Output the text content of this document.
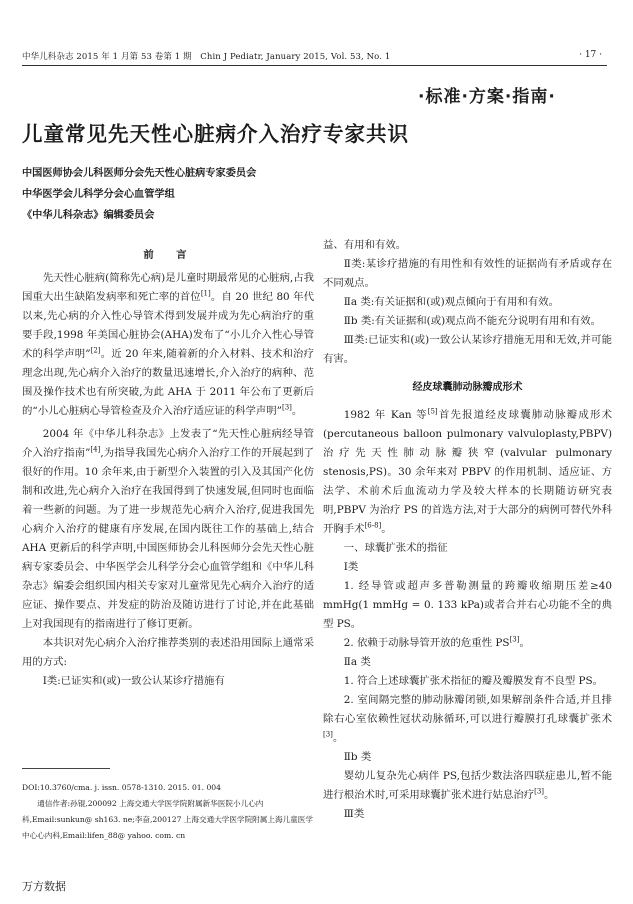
中华儿科杂志 2015 年 1 月第 53 卷第 1 期　Chin J Pediatr, January 2015, Vol. 53, No. 1	· 17 ·
·标准·方案·指南·
儿童常见先天性心脏病介入治疗专家共识
中国医师协会儿科医师分会先天性心脏病专家委员会
中华医学会儿科学分会心血管学组
《中华儿科杂志》编辑委员会

前　言

先天性心脏病(简称先心病)是儿童时期最常见的心脏病,占我国重大出生缺陷发病率和死亡率的首位[1]。自 20 世纪 80 年代以来,先心病的介入性心导管术得到发展并成为先心病治疗的重要手段,1998 年美国心脏协会(AHA)发布了“小儿介入性心导管术的科学声明”[2]。近 20 年来,随着新的介入材料、技术和治疗理念出现,先心病介入治疗的数量迅速增长,介入治疗的病种、范围及操作技术也有所突破,为此 AHA 于 2011 年公布了更新后的“小儿心脏病心导管检查及介入治疗适应证的科学声明”[3]。

2004 年《中华儿科杂志》上发表了“先天性心脏病经导管介入治疗指南”[4],为指导我国先心病介入治疗工作的开展起到了很好的作用。10 余年来,由于新型介入装置的引入及其国产化仿制和改进,先心病介入治疗在我国得到了快速发展,但同时也面临着一些新的问题。为了进一步规范先心病介入治疗,促进我国先心病介入治疗的健康有序发展,在国内既往工作的基础上,结合 AHA 更新后的科学声明,中国医师协会儿科医师分会先天性心脏病专家委员会、中华医学会儿科学分会心血管学组和《中华儿科杂志》编委会组织国内相关专家对儿童常见先心病介入治疗的适应证、操作要点、并发症的防治及随访进行了讨论,并在此基础上对我国现有的指南进行了修订更新。

本共识对先心病介入治疗推荐类别的表述沿用国际上通常采用的方式:

Ⅰ类:已证实和(或)一致公认某诊疗措施有

DOI:10.3760/cma. j. issn. 0578-1310. 2015. 01. 004

通信作者:孙锟,200092 上海交通大学医学院附属新华医院小儿心内科,Email:sunkun@ sh163. ne;李奋,200127 上海交通大学医学院附属上海儿童医学中心心内科,Email:lifen_88@ yahoo. com. cn

益、有用和有效。

Ⅱ类:某诊疗措施的有用性和有效性的证据尚有矛盾或存在不同观点。

Ⅱa 类:有关证据和(或)观点倾向于有用和有效。

Ⅱb 类:有关证据和(或)观点尚不能充分说明有用和有效。

Ⅲ类:已证实和(或)一致公认某诊疗措施无用和无效,并可能有害。

经皮球囊肺动脉瓣成形术

1982 年 Kan 等[5]首先报道经皮球囊肺动脉瓣成形术(percutaneous balloon pulmonary valvuloplasty,PBPV)治疗先天性肺动脉瓣狭窄(valvular pulmonary stenosis,PS)。30 余年来对 PBPV 的作用机制、适应证、方法学、术前术后血流动力学及较大样本的长期随访研究表明,PBPV 为治疗 PS 的首选方法,对于大部分的病例可替代外科开胸手术[6-8]。

一、球囊扩张术的指征

Ⅰ类

1. 经导管或超声多普勒测量的跨瓣收缩期压差≥40 mmHg(1 mmHg = 0. 133 kPa)或者合并右心功能不全的典型 PS。

2. 依赖于动脉导管开放的危重性 PS[3]。

Ⅱa 类

1. 符合上述球囊扩张术指征的瓣及瓣膜发育不良型 PS。

2. 室间隔完整的肺动脉瓣闭锁,如果解剖条件合适,并且排除右心室依赖性冠状动脉循环,可以进行瓣膜打孔球囊扩张术[3]。

Ⅱb 类

婴幼儿复杂先心病伴 PS,包括少数法洛四联症患儿,暂不能进行根治术时,可采用球囊扩张术进行姑息治疗[3]。

Ⅲ类

万方数据
